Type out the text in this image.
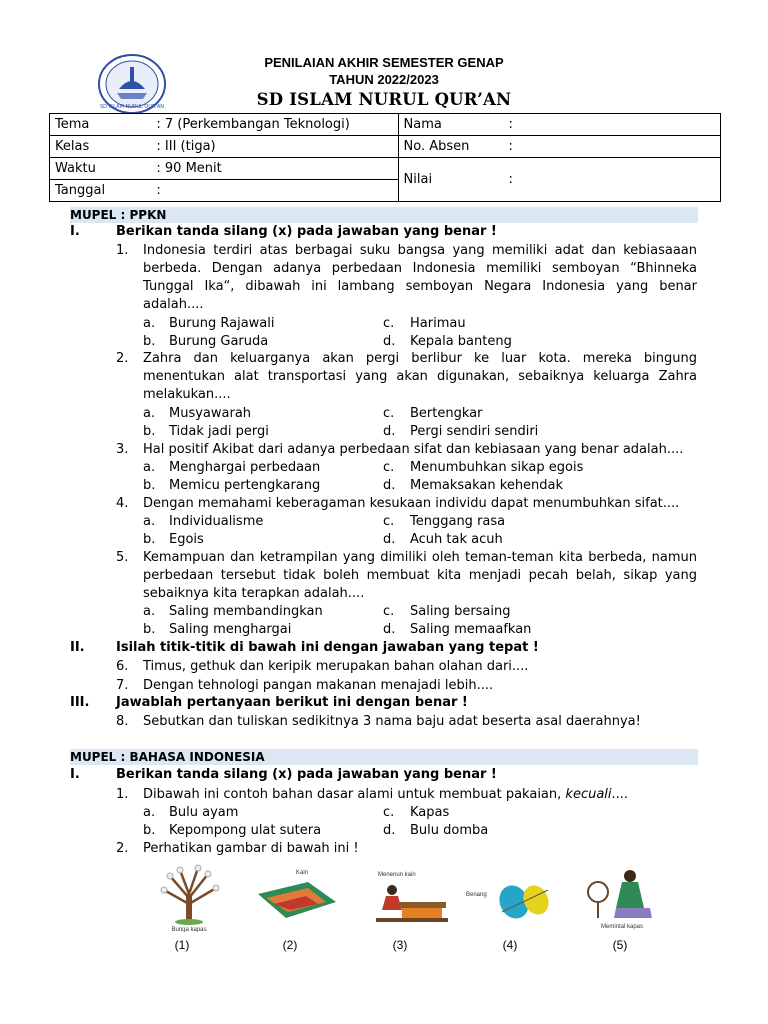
SD ISLAM NURUL QUR'AN
PENILAIAN AKHIR SEMESTER GENAP
TAHUN 2022/2023
SD ISLAM NURUL QUR’AN
Tema	: 7 (Perkembangan Teknologi)	Nama :
Kelas	: III (tiga)	No. Absen :
Waktu	: 90 Menit	Nilai :
Tanggal	:	
MUPEL : PPKN
I.	Berikan tanda silang (x) pada jawaban yang benar !
1. Indonesia terdiri atas berbagai suku bangsa yang memiliki adat dan kebiasaaan berbeda. Dengan adanya perbedaan Indonesia memiliki semboyan “Bhinneka Tunggal Ika“, dibawah ini lambang semboyan Negara Indonesia yang benar adalah....
a. Burung Rajawali	c. Harimau
b. Burung Garuda	d. Kepala banteng
2. Zahra dan keluarganya akan pergi berlibur ke luar kota. mereka bingung menentukan alat transportasi yang akan digunakan, sebaiknya keluarga Zahra melakukan....
a. Musyawarah	c. Bertengkar
b. Tidak jadi pergi	d. Pergi sendiri sendiri
3. Hal positif Akibat dari adanya perbedaan sifat dan kebiasaan yang benar adalah....
a. Menghargai perbedaan	c. Menumbuhkan sikap egois
b. Memicu pertengkarang	d. Memaksakan kehendak
4. Dengan memahami keberagaman kesukaan individu dapat menumbuhkan sifat....
a. Individualisme	c. Tenggang rasa
b. Egois	d. Acuh tak acuh
5. Kemampuan dan ketrampilan yang dimiliki oleh teman-teman kita berbeda, namun perbedaan tersebut tidak boleh membuat kita menjadi pecah belah, sikap yang sebaiknya kita terapkan adalah....
a. Saling membandingkan	c. Saling bersaing
b. Saling menghargai	d. Saling memaafkan
II. Isilah titik-titik di bawah ini dengan jawaban yang tepat !
6. Timus, gethuk dan keripik merupakan bahan olahan dari....
7. Dengan tehnologi pangan makanan menajadi lebih....
III. Jawablah pertanyaan berikut ini dengan benar !
8. Sebutkan dan tuliskan sedikitnya 3 nama baju adat beserta asal daerahnya!
MUPEL : BAHASA INDONESIA
I.	Berikan tanda silang (x) pada jawaban yang benar !
1. Dibawah ini contoh bahan dasar alami untuk membuat pakaian, kecuali....
a. Bulu ayam	c. Kapas
b. Kepompong ulat sutera	d. Bulu domba
2. Perhatikan gambar di bawah ini !
Bunga kapas
(1)
Kain
(2)
Menenun kain
(3)
Benang
(4)
Memintal kapas
(5)
